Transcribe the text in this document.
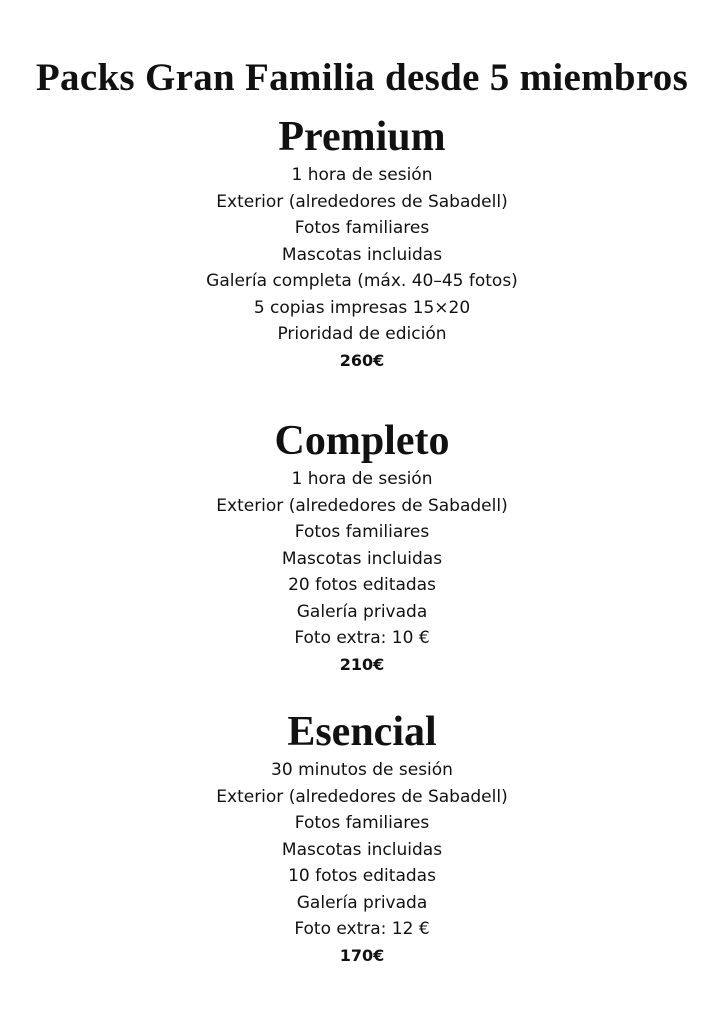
Packs Gran Familia desde 5 miembros
Premium
1 hora de sesión
Exterior (alrededores de Sabadell)
Fotos familiares
Mascotas incluidas
Galería completa (máx. 40–45 fotos)
5 copias impresas 15×20
Prioridad de edición
260€
Completo
1 hora de sesión
Exterior (alrededores de Sabadell)
Fotos familiares
Mascotas incluidas
20 fotos editadas
Galería privada
Foto extra: 10 €
210€
Esencial
30 minutos de sesión
Exterior (alrededores de Sabadell)
Fotos familiares
Mascotas incluidas
10 fotos editadas
Galería privada
Foto extra: 12 €
170€
